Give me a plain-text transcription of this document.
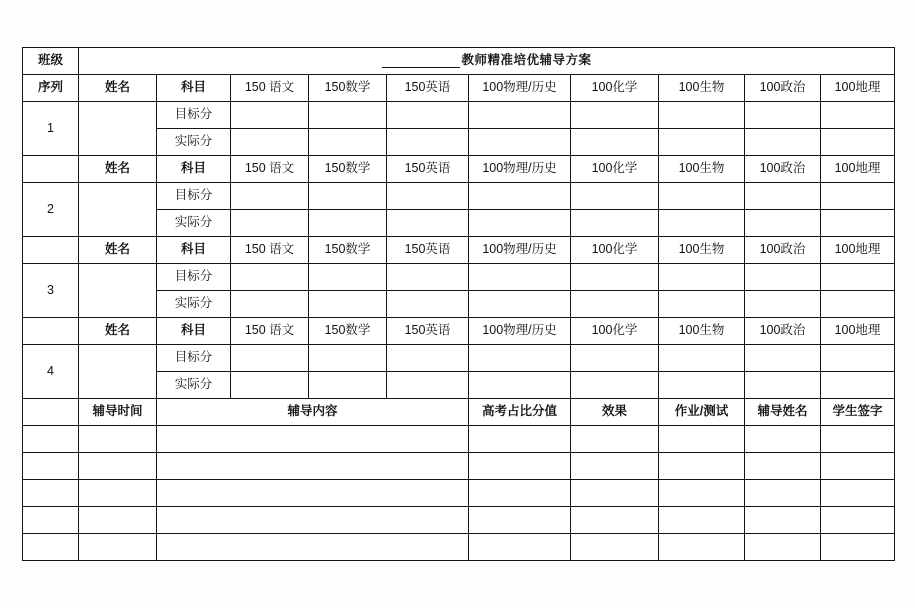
班级	教师精准培优辅导方案									
序列	姓名	科目	150 语文	150数学	150英语	100物理/历史	100化学	100生物	100政治	100地理
1		目标分								
		实际分								
	姓名	科目	150 语文	150数学	150英语	100物理/历史	100化学	100生物	100政治	100地理
2		目标分								
		实际分								
	姓名	科目	150 语文	150数学	150英语	100物理/历史	100化学	100生物	100政治	100地理
3		目标分								
		实际分								
	姓名	科目	150 语文	150数学	150英语	100物理/历史	100化学	100生物	100政治	100地理
4		目标分								
		实际分								
	辅导时间	辅导内容				高考占比分值	效果	作业/测试	辅导姓名	学生签字
